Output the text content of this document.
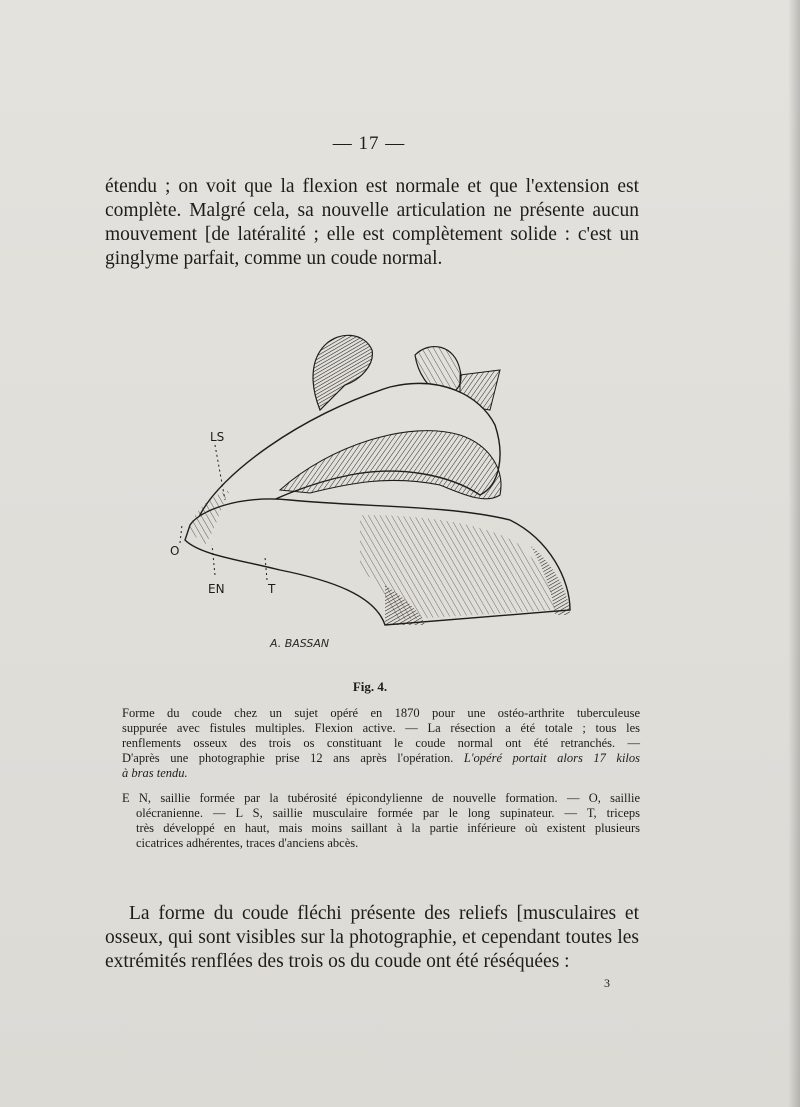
— 17 —
étendu ; on voit que la flexion est normale et que l'extension est
complète. Malgré cela, sa nouvelle articulation ne présente aucun
mouvement [de latéralité ; elle est complètement solide : c'est un
ginglyme parfait, comme un coude normal.
LS
O
EN	T
A. BASSAN
Fig. 4.
Forme du coude chez un sujet opéré en 1870 pour une ostéo-arthrite tuberculeuse
suppurée avec fistules multiples. Flexion active. — La résection a été totale ; tous les
renflements osseux des trois os constituant le coude normal ont été retranchés. —
D'après une photographie prise 12 ans après l'opération. L'opéré portait alors 17 kilos
à bras tendu.
E N, saillie formée par la tubérosité épicondylienne de nouvelle formation. — O, saillie
olécranienne. — L S, saillie musculaire formée par le long supinateur. — T, triceps
très développé en haut, mais moins saillant à la partie inférieure où existent plusieurs
cicatrices adhérentes, traces d'anciens abcès.
La forme du coude fléchi présente des reliefs [musculaires et
osseux, qui sont visibles sur la photographie, et cependant toutes les
extrémités renflées des trois os du coude ont été réséquées :
3
